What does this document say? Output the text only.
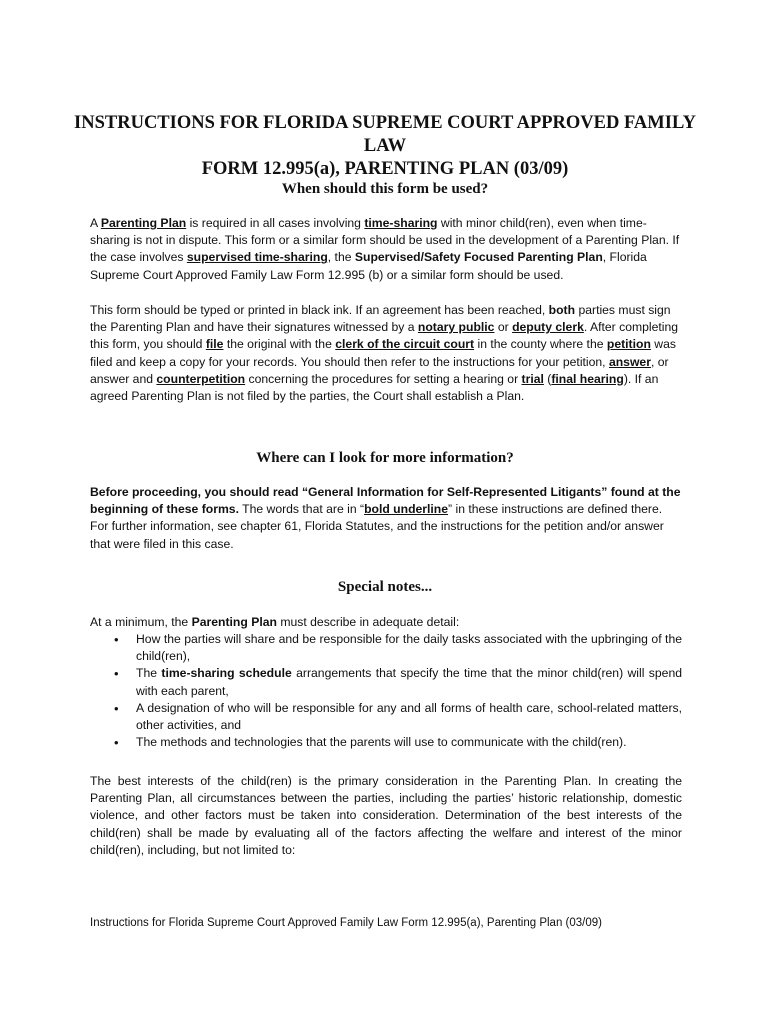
INSTRUCTIONS FOR FLORIDA SUPREME COURT APPROVED FAMILY LAW
FORM 12.995(a), PARENTING PLAN (03/09)
When should this form be used?

A Parenting Plan is required in all cases involving time-sharing with minor child(ren), even when time-sharing is not in dispute. This form or a similar form should be used in the development of a Parenting Plan. If the case involves supervised time-sharing, the Supervised/Safety Focused Parenting Plan, Florida Supreme Court Approved Family Law Form 12.995 (b) or a similar form should be used.

This form should be typed or printed in black ink. If an agreement has been reached, both parties must sign the Parenting Plan and have their signatures witnessed by a notary public or deputy clerk. After completing this form, you should file the original with the clerk of the circuit court in the county where the petition was filed and keep a copy for your records. You should then refer to the instructions for your petition, answer, or answer and counterpetition concerning the procedures for setting a hearing or trial (final hearing). If an agreed Parenting Plan is not filed by the parties, the Court shall establish a Plan.

Where can I look for more information?

Before proceeding, you should read “General Information for Self-Represented Litigants” found at the beginning of these forms. The words that are in “bold underline” in these instructions are defined there. For further information, see chapter 61, Florida Statutes, and the instructions for the petition and/or answer that were filed in this case.

Special notes...

At a minimum, the Parenting Plan must describe in adequate detail:

• How the parties will share and be responsible for the daily tasks associated with the upbringing of the child(ren),
• The time-sharing schedule arrangements that specify the time that the minor child(ren) will spend with each parent,
• A designation of who will be responsible for any and all forms of health care, school-related matters, other activities, and
• The methods and technologies that the parents will use to communicate with the child(ren).

The best interests of the child(ren) is the primary consideration in the Parenting Plan. In creating the Parenting Plan, all circumstances between the parties, including the parties’ historic relationship, domestic violence, and other factors must be taken into consideration. Determination of the best interests of the child(ren) shall be made by evaluating all of the factors affecting the welfare and interest of the minor child(ren), including, but not limited to:

Instructions for Florida Supreme Court Approved Family Law Form 12.995(a), Parenting Plan (03/09)
